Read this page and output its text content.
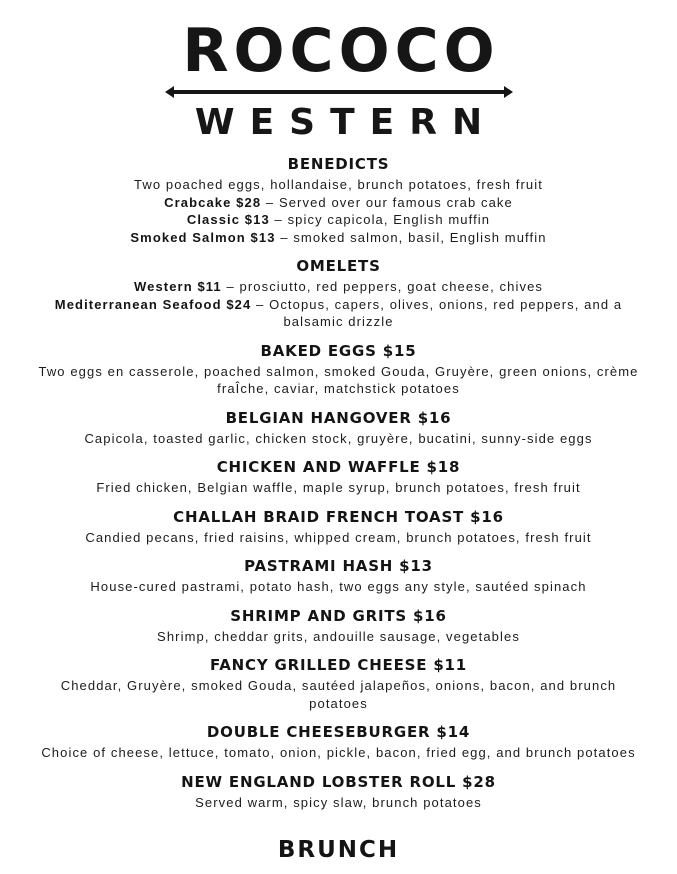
ROCOCO
WESTERN
BENEDICTS

Two poached eggs, hollandaise, brunch potatoes, fresh fruit

Crabcake $28 – Served over our famous crab cake

Classic $13 – spicy capicola, English muffin

Smoked Salmon $13 – smoked salmon, basil, English muffin

OMELETS

Western $11 – prosciutto, red peppers, goat cheese, chives

Mediterranean Seafood $24 – Octopus, capers, olives, onions, red peppers, and a balsamic drizzle

BAKED EGGS $15

Two eggs en casserole, poached salmon, smoked Gouda, Gruyère, green onions, crème fraÎche, caviar, matchstick potatoes

BELGIAN HANGOVER $16

Capicola, toasted garlic, chicken stock, gruyère, bucatini, sunny-side eggs

CHICKEN AND WAFFLE $18

Fried chicken, Belgian waffle, maple syrup, brunch potatoes, fresh fruit

CHALLAH BRAID FRENCH TOAST $16

Candied pecans, fried raisins, whipped cream, brunch potatoes, fresh fruit

PASTRAMI HASH $13

House-cured pastrami, potato hash, two eggs any style, sautéed spinach

SHRIMP AND GRITS $16

Shrimp, cheddar grits, andouille sausage, vegetables

FANCY GRILLED CHEESE $11

Cheddar, Gruyère, smoked Gouda, sautéed jalapeños, onions, bacon, and brunch potatoes

DOUBLE CHEESEBURGER $14

Choice of cheese, lettuce, tomato, onion, pickle, bacon, fried egg, and brunch potatoes

NEW ENGLAND LOBSTER ROLL $28

Served warm, spicy slaw, brunch potatoes

BRUNCH
